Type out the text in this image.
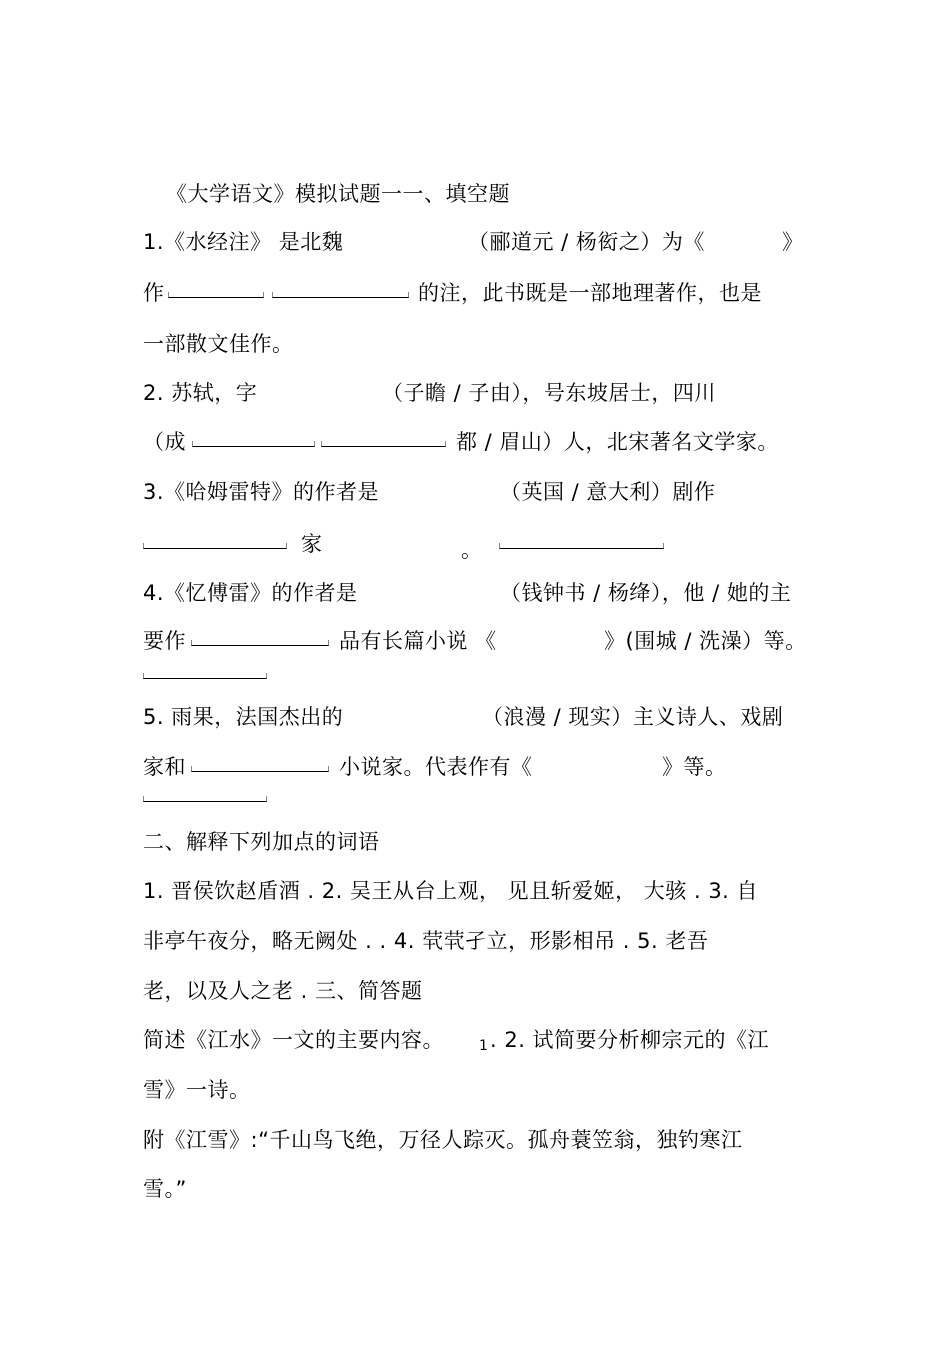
《大学语文》模拟试题一一、填空题
1.《水经注》 是北魏	（郦道元 / 杨衒之）为《	》
作	的注，此书既是一部地理著作，也是
一部散文佳作。
2. 苏轼，字	（子瞻 / 子由），号东坡居士，四川
（成	都 / 眉山）人，北宋著名文学家。
3.《哈姆雷特》的作者是	（英国 / 意大利）剧作
家	。
4.《忆傅雷》的作者是	（钱钟书 / 杨绛），他 / 她的主
要作	品有长篇小说 《	》(围城 / 洗澡）等。
5. 雨果，法国杰出的	（浪漫 / 现实）主义诗人、戏剧
家和	小说家。代表作有《	》等。
二、解释下列加点的词语
1. 晋侯饮赵盾酒 . 2. 吴王从台上观， 见且斩爱姬， 大骇 . 3. 自
非亭午夜分，略无阙处 . . 4. 茕茕孑立，形影相吊 . 5. 老吾
老，以及人之老 . 三、简答题
简述《江水》一文的主要内容。	1 . 2. 试简要分析柳宗元的《江
雪》一诗。
附《江雪》:“千山鸟飞绝，万径人踪灭。孤舟蓑笠翁，独钓寒江
雪。”
